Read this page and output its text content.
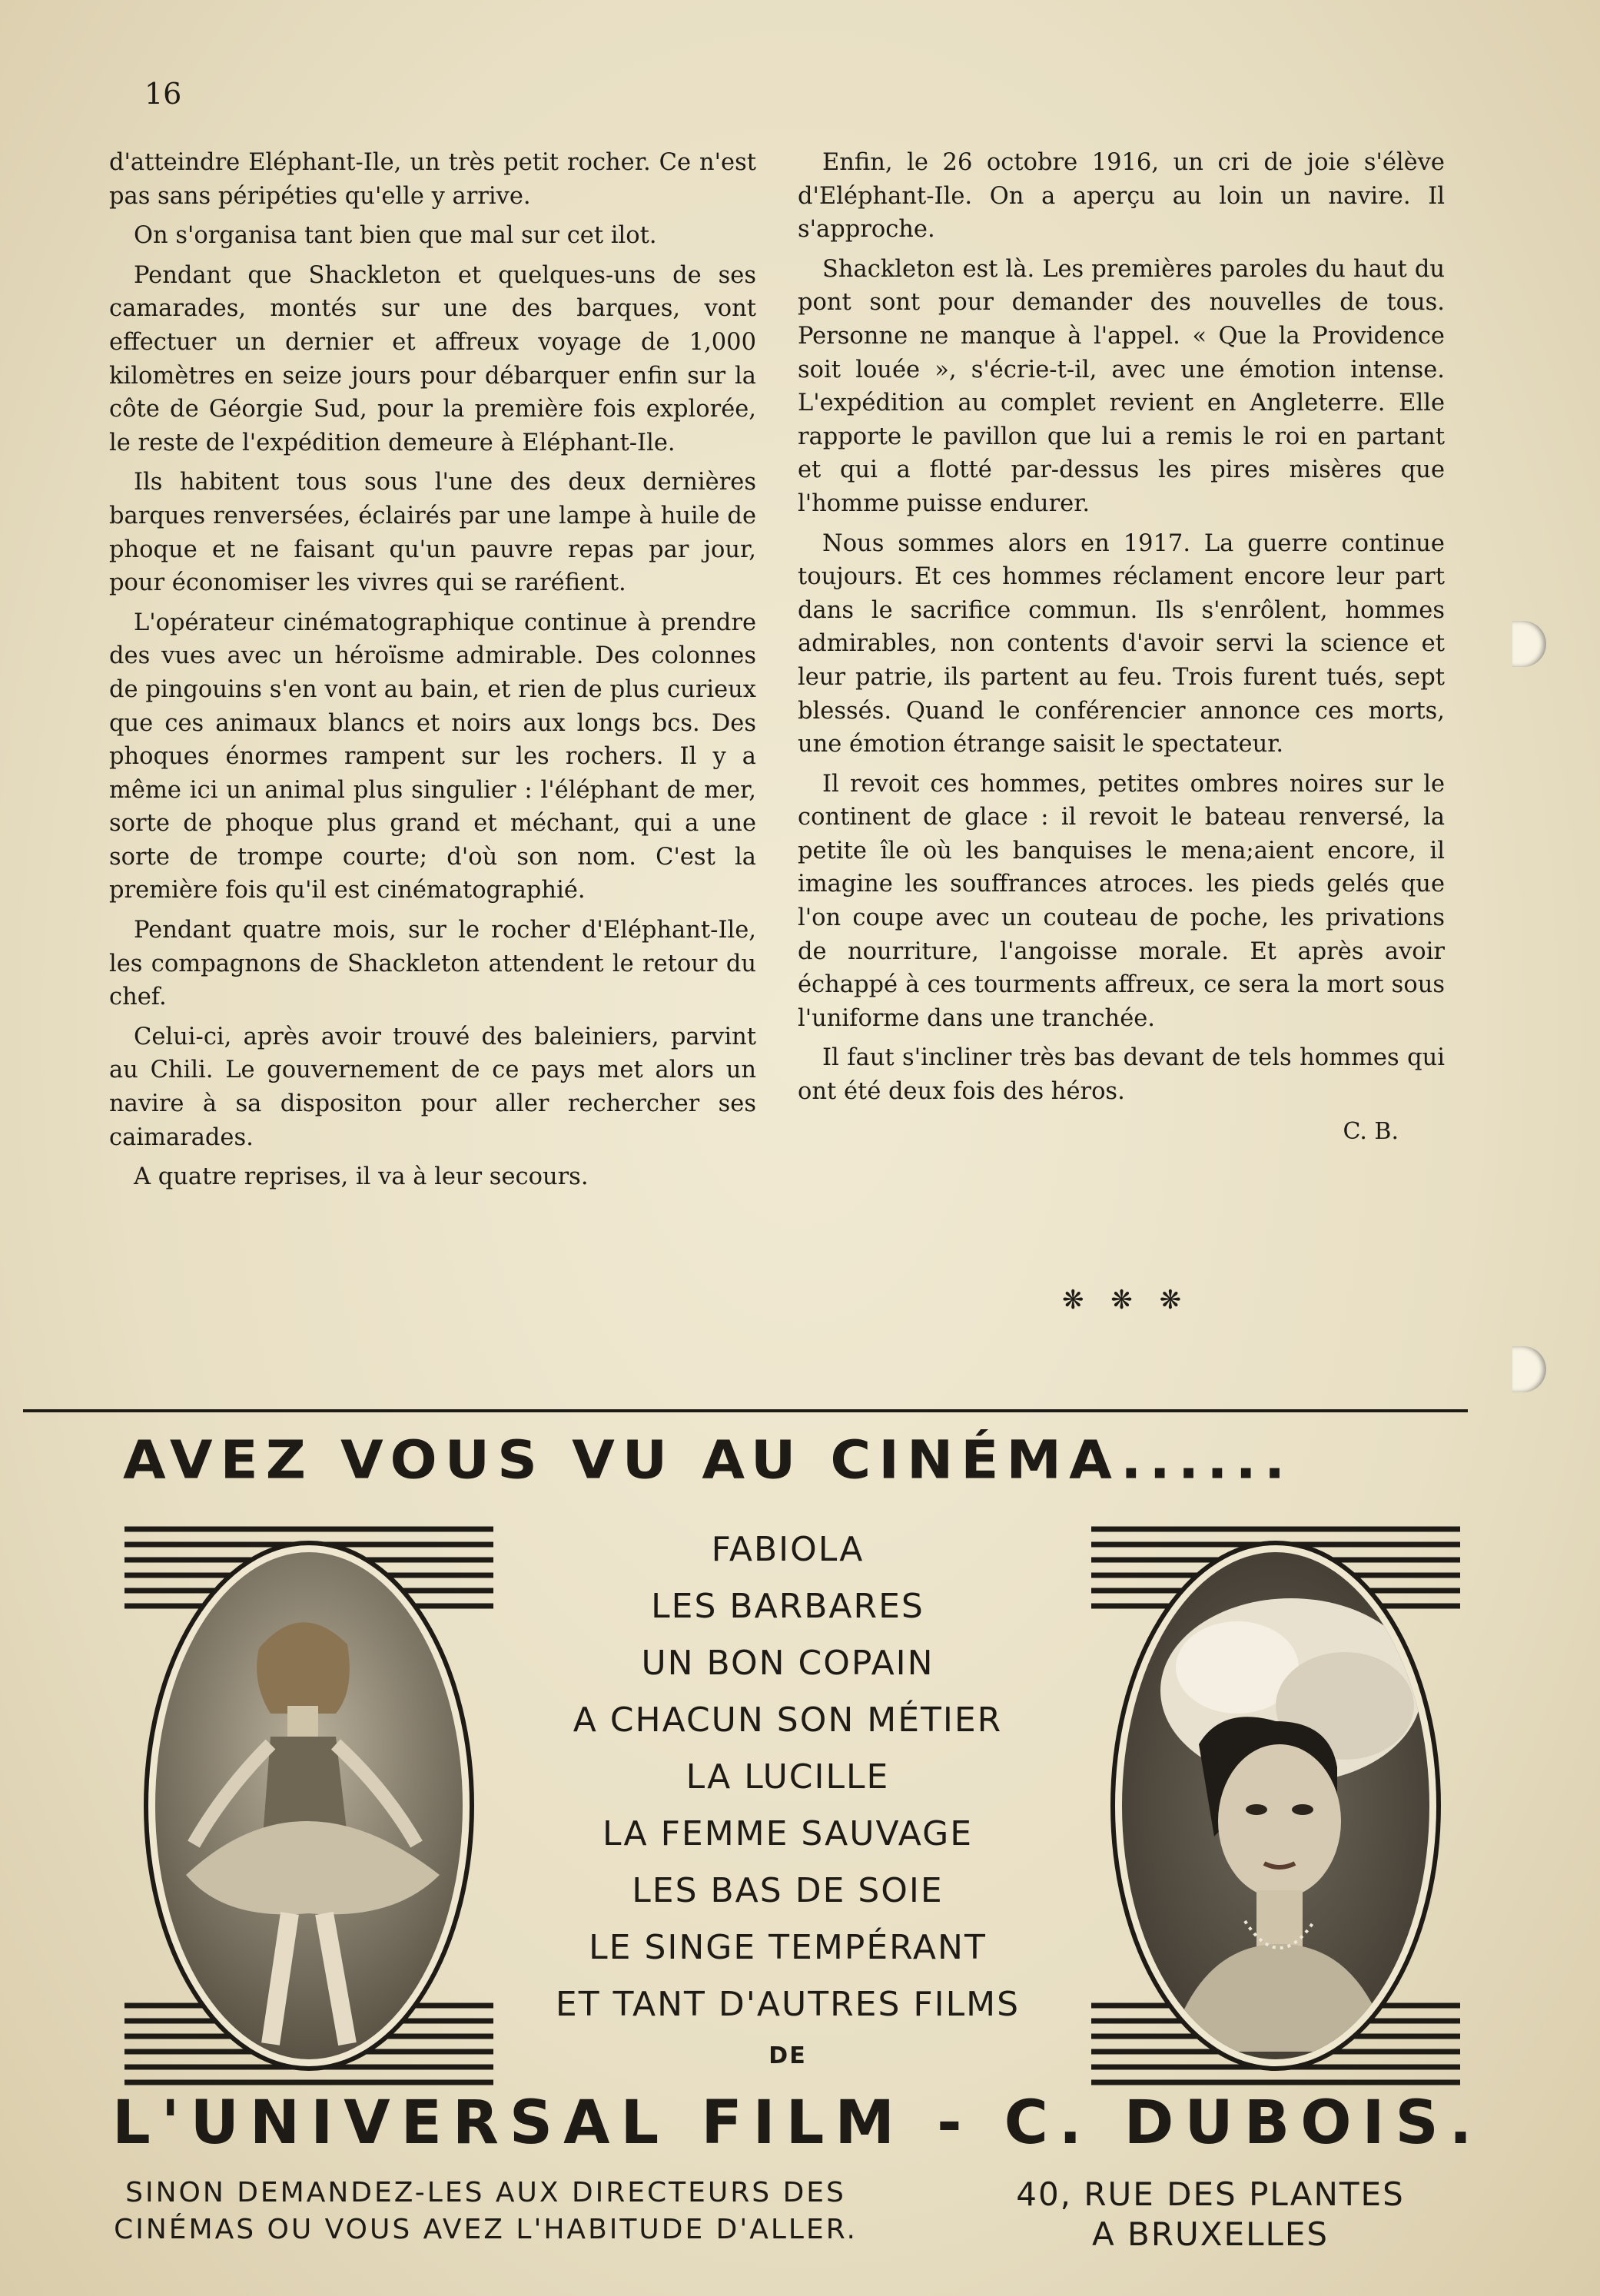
16

d'atteindre Eléphant-Ile, un très petit rocher. Ce n'est pas sans péripéties qu'elle y arrive.

On s'organisa tant bien que mal sur cet ilot.

Pendant que Shackleton et quelques-uns de ses camarades, montés sur une des barques, vont effectuer un dernier et affreux voyage de 1,000 kilomètres en seize jours pour débarquer enfin sur la côte de Géorgie Sud, pour la première fois explorée, le reste de l'expédition demeure à Eléphant-Ile.

Ils habitent tous sous l'une des deux dernières barques renversées, éclairés par une lampe à huile de phoque et ne faisant qu'un pauvre repas par jour, pour économiser les vivres qui se raréfient.

L'opérateur cinématographique continue à prendre des vues avec un héroïsme admirable. Des colonnes de pingouins s'en vont au bain, et rien de plus curieux que ces animaux blancs et noirs aux longs bcs. Des phoques énormes rampent sur les rochers. Il y a même ici un animal plus singulier : l'éléphant de mer, sorte de phoque plus grand et méchant, qui a une sorte de trompe courte; d'où son nom. C'est la première fois qu'il est cinématographié.

Pendant quatre mois, sur le rocher d'Eléphant-Ile, les compagnons de Shackleton attendent le retour du chef.

Celui-ci, après avoir trouvé des baleiniers, parvint au Chili. Le gouvernement de ce pays met alors un navire à sa dispositon pour aller rechercher ses caimarades.

A quatre reprises, il va à leur secours.

Enfin, le 26 octobre 1916, un cri de joie s'élève d'Eléphant-Ile. On a aperçu au loin un navire. Il s'approche.

Shackleton est là. Les premières paroles du haut du pont sont pour demander des nouvelles de tous. Personne ne manque à l'appel. « Que la Providence soit louée », s'écrie-t-il, avec une émotion intense. L'expédition au complet revient en Angleterre. Elle rapporte le pavillon que lui a remis le roi en partant et qui a flotté par-dessus les pires misères que l'homme puisse endurer.

Nous sommes alors en 1917. La guerre continue toujours. Et ces hommes réclament encore leur part dans le sacrifice commun. Ils s'enrôlent, hommes admirables, non contents d'avoir servi la science et leur patrie, ils partent au feu. Trois furent tués, sept blessés. Quand le conférencier annonce ces morts, une émotion étrange saisit le spectateur.

Il revoit ces hommes, petites ombres noires sur le continent de glace : il revoit le bateau renversé, la petite île où les banquises le mena;aient encore, il imagine les souffrances atroces. les pieds gelés que l'on coupe avec un couteau de poche, les privations de nourriture, l'angoisse morale. Et après avoir échappé à ces tourments affreux, ce sera la mort sous l'uniforme dans une tranchée.

Il faut s'incliner très bas devant de tels hommes qui ont été deux fois des héros.

C. B.
❋ ❋ ❋
AVEZ VOUS VU AU CINÉMA......
FABIOLA
LES BARBARES
UN BON COPAIN
A CHACUN SON MÉTIER
LA LUCILLE
LA FEMME SAUVAGE
LES BAS DE SOIE
LE SINGE TEMPÉRANT
ET TANT D'AUTRES FILMS
DE
L'UNIVERSAL FILM - C. DUBOIS.
SINON DEMANDEZ-LES AUX DIRECTEURS DES
CINÉMAS OU VOUS AVEZ L'HABITUDE D'ALLER.
40, RUE DES PLANTES
A BRUXELLES
